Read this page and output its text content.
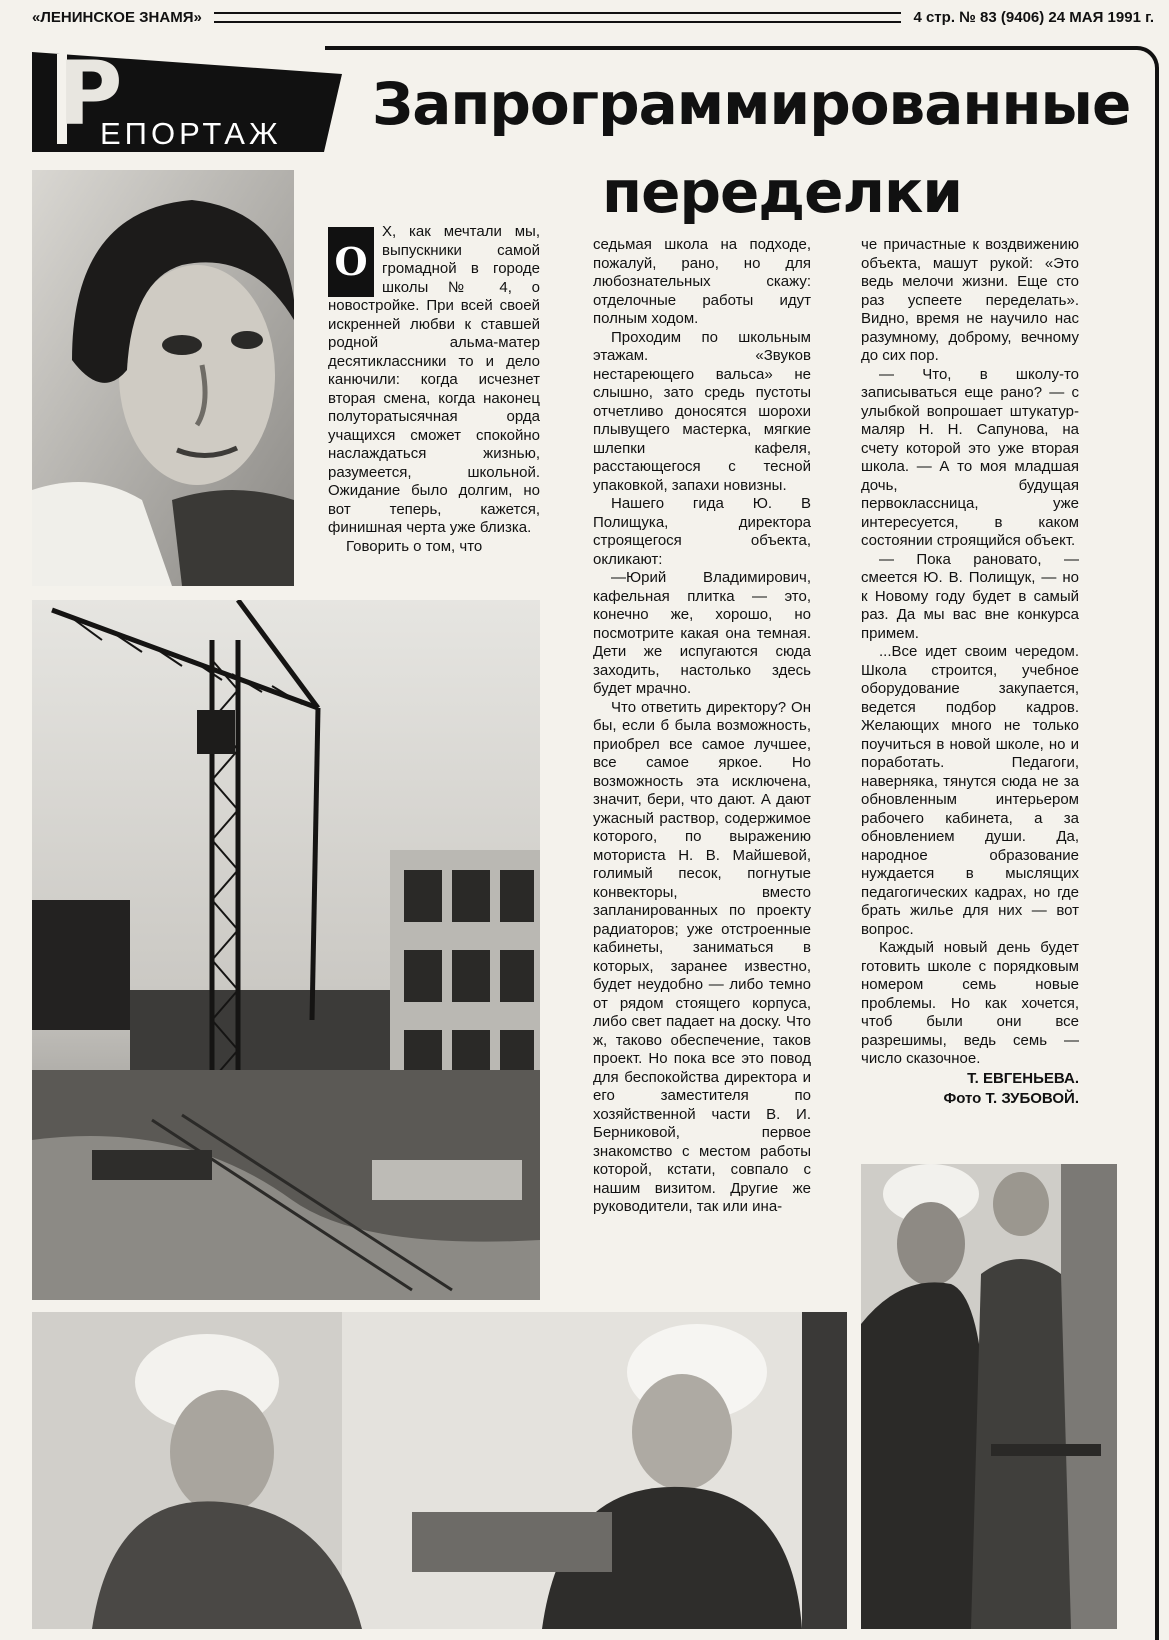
«ЛЕНИНСКОЕ ЗНАМЯ»	4 стр. № 83 (9406) 24 МАЯ 1991 г.
Р
ЕПОРТАЖ Запрограммированные
переделки

О
Х, как мечтали мы, выпускники самой громадной в городе школы № 4, о новостройке. При всей своей искренней любви к ставшей родной альма-матер десятиклассники то и дело канючили: когда исчезнет вторая смена, когда наконец полуторатысячная орда учащихся сможет спокойно наслаждаться жизнью, разумеется, школьной. Ожидание было долгим, но вот теперь, кажется, финишная черта уже близка.

Говорить о том, что

седьмая школа на подходе, пожалуй, рано, но для любознательных скажу: отделочные работы идут полным ходом.

Проходим по школьным этажам. «Звуков нестареющего вальса» не слышно, зато средь пустоты отчетливо доносятся шорохи плывущего мастерка, мягкие шлепки кафеля, расстающегося с тесной упаковкой, запахи новизны.

Нашего гида Ю. В Полищука, директора строящегося объекта, окликают:

—Юрий Владимирович, кафельная плитка — это, конечно же, хорошо, но посмотрите какая она темная. Дети же испугаются сюда заходить, настолько здесь будет мрачно.

Что ответить директору? Он бы, если б была возможность, приобрел все самое лучшее, все самое яркое. Но возможность эта исключена, значит, бери, что дают. А дают ужасный раствор, содержимое которого, по выражению моториста Н. В. Майшевой, голимый песок, погнутые конвекторы, вместо запланированных по проекту радиаторов; уже отстроенные кабинеты, заниматься в которых, заранее известно, будет неудобно — либо темно от рядом стоящего корпуса, либо свет падает на доску. Что ж, таково обеспечение, таков проект. Но пока все это повод для беспокойства директора и его заместителя по хозяйственной части В. И. Берниковой, первое знакомство с местом работы которой, кстати, совпало с нашим визитом. Другие же руководители, так или ина-

че причастные к воздвижению объекта, машут рукой: «Это ведь мелочи жизни. Еще сто раз успеете переделать». Видно, время не научило нас разумному, доброму, вечному до сих пор.

— Что, в школу-то записываться еще рано? — с улыбкой вопрошает штукатур-маляр Н. Н. Сапунова, на счету которой это уже вторая школа. — А то моя младшая дочь, будущая первоклассница, уже интересуется, в каком состоянии строящийся объект.

— Пока рановато, — смеется Ю. В. Полищук, — но к Новому году будет в самый раз. Да мы вас вне конкурса примем.

...Все идет своим чередом. Школа строится, учебное оборудование закупается, ведется подбор кадров. Желающих много не только поучиться в новой школе, но и поработать. Педагоги, наверняка, тянутся сюда не за обновленным интерьером рабочего кабинета, а за обновлением души. Да, народное образование нуждается в мыслящих педагогических кадрах, но где брать жилье для них — вот вопрос.

Каждый новый день будет готовить школе с порядковым номером семь новые проблемы. Но как хочется, чтоб были они все разрешимы, ведь семь — число сказочное.

Т. ЕВГЕНЬЕВА.
Фото Т. ЗУБОВОЙ.
